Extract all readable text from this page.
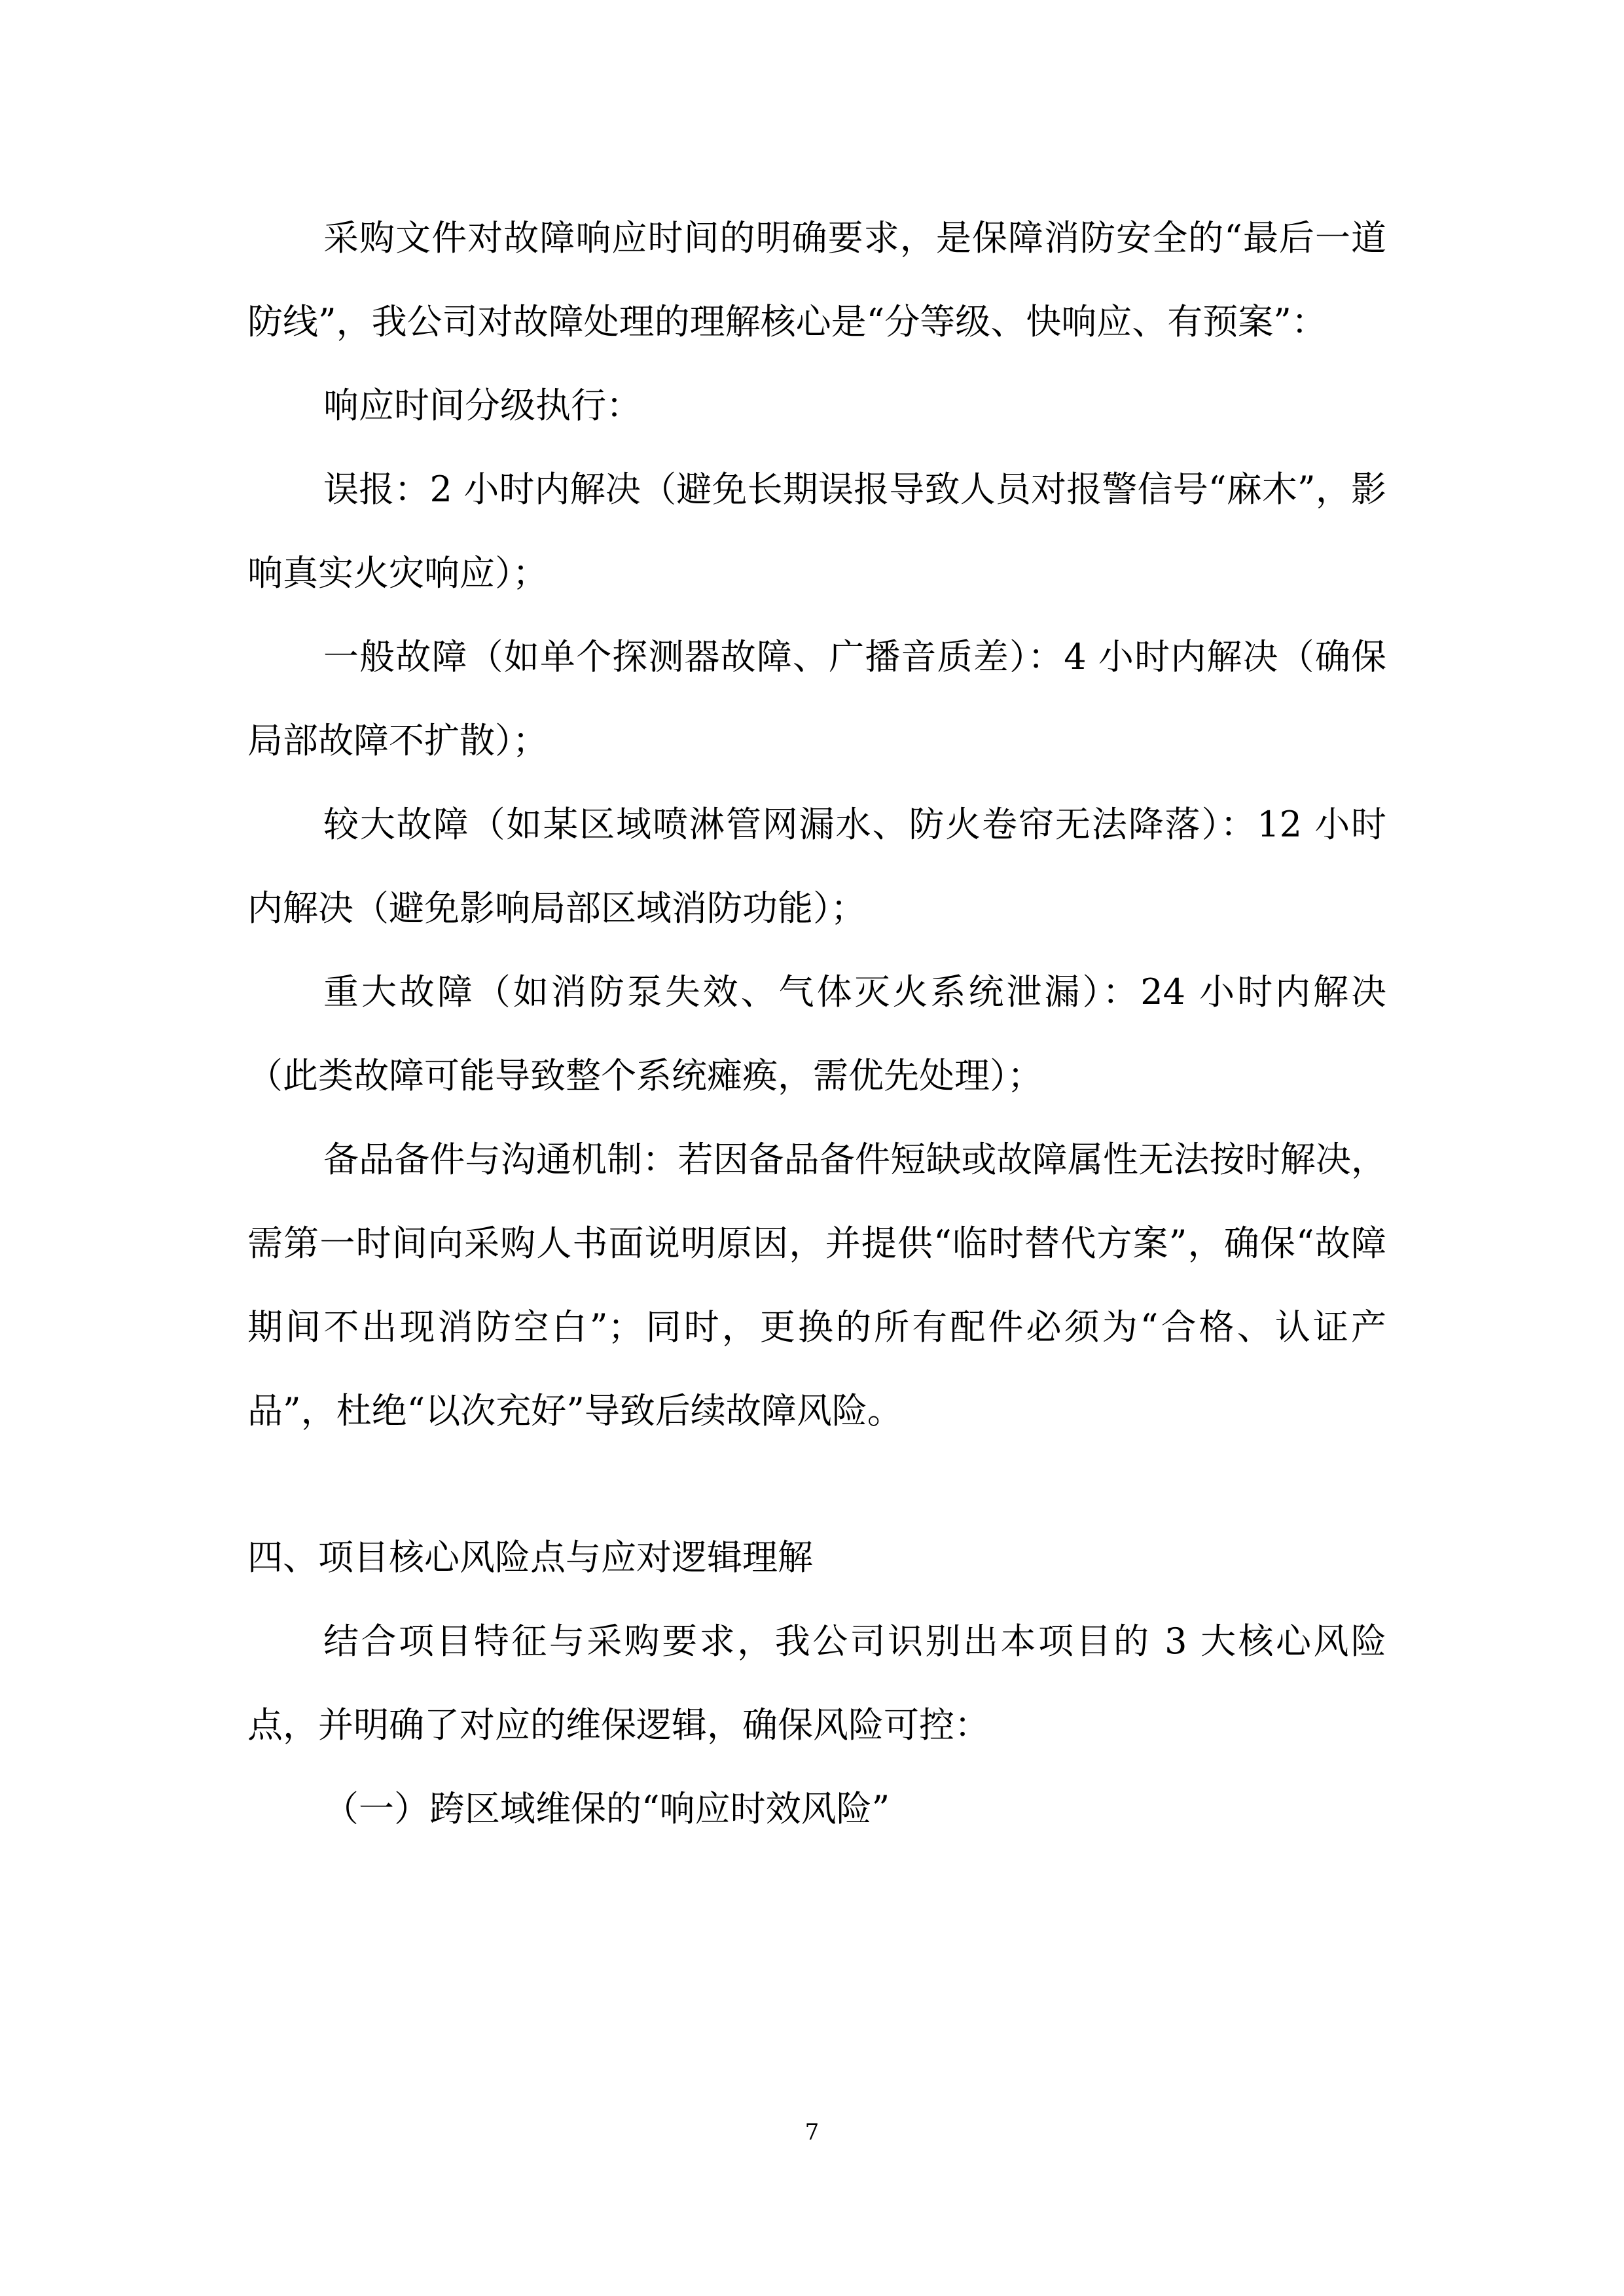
采购文件对故障响应时间的明确要求，是保障消防安全的“最后一道防线”，我公司对故障处理的理解核心是“分等级、快响应、有预案”：

响应时间分级执行：

误报：2 小时内解决（避免长期误报导致人员对报警信号“麻木”，影响真实火灾响应）；

一般故障（如单个探测器故障、广播音质差）：4 小时内解决（确保局部故障不扩散）；

较大故障（如某区域喷淋管网漏水、防火卷帘无法降落）：12 小时内解决（避免影响局部区域消防功能）；

重大故障（如消防泵失效、气体灭火系统泄漏）：24 小时内解决（此类故障可能导致整个系统瘫痪，需优先处理）；

备品备件与沟通机制：若因备品备件短缺或故障属性无法按时解决，需第一时间向采购人书面说明原因，并提供“临时替代方案”，确保“故障期间不出现消防空白”；同时，更换的所有配件必须为“合格、认证产品”，杜绝“以次充好”导致后续故障风险。

四、项目核心风险点与应对逻辑理解

结合项目特征与采购要求，我公司识别出本项目的 3 大核心风险点，并明确了对应的维保逻辑，确保风险可控：

（一）跨区域维保的“响应时效风险”

7
